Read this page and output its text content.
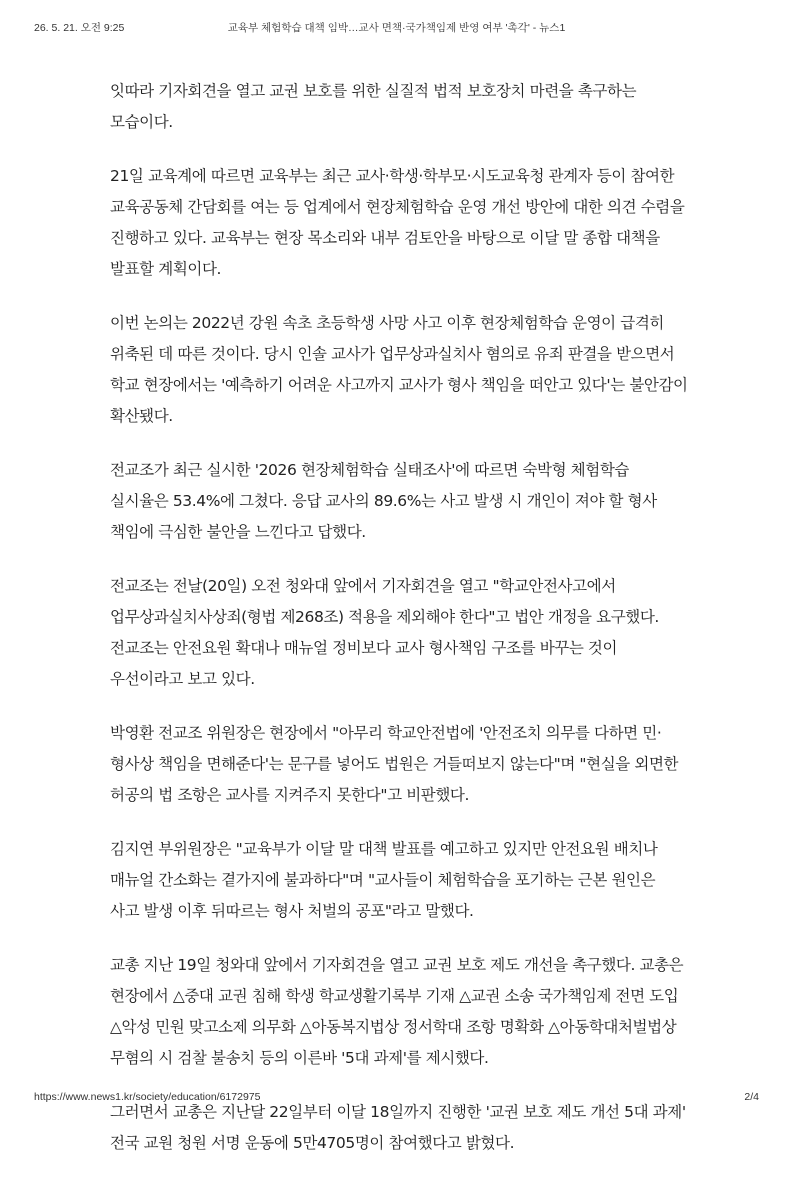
26. 5. 21. 오전 9:25	교육부 체험학습 대책 임박…교사 면책·국가책임제 반영 여부 '촉각' - 뉴스1

잇따라 기자회견을 열고 교권 보호를 위한 실질적 법적 보호장치 마련을 촉구하는 모습이다.

21일 교육계에 따르면 교육부는 최근 교사·학생·학부모·시도교육청 관계자 등이 참여한 교육공동체 간담회를 여는 등 업계에서 현장체험학습 운영 개선 방안에 대한 의견 수렴을 진행하고 있다. 교육부는 현장 목소리와 내부 검토안을 바탕으로 이달 말 종합 대책을 발표할 계획이다.

이번 논의는 2022년 강원 속초 초등학생 사망 사고 이후 현장체험학습 운영이 급격히 위축된 데 따른 것이다. 당시 인솔 교사가 업무상과실치사 혐의로 유죄 판결을 받으면서 학교 현장에서는 '예측하기 어려운 사고까지 교사가 형사 책임을 떠안고 있다'는 불안감이 확산됐다.

전교조가 최근 실시한 '2026 현장체험학습 실태조사'에 따르면 숙박형 체험학습 실시율은 53.4%에 그쳤다. 응답 교사의 89.6%는 사고 발생 시 개인이 져야 할 형사 책임에 극심한 불안을 느낀다고 답했다.

전교조는 전날(20일) 오전 청와대 앞에서 기자회견을 열고 "학교안전사고에서 업무상과실치사상죄(형법 제268조) 적용을 제외해야 한다"고 법안 개정을 요구했다. 전교조는 안전요원 확대나 매뉴얼 정비보다 교사 형사책임 구조를 바꾸는 것이 우선이라고 보고 있다.

박영환 전교조 위원장은 현장에서 "아무리 학교안전법에 '안전조치 의무를 다하면 민·형사상 책임을 면해준다'는 문구를 넣어도 법원은 거들떠보지 않는다"며 "현실을 외면한 허공의 법 조항은 교사를 지켜주지 못한다"고 비판했다.

김지연 부위원장은 "교육부가 이달 말 대책 발표를 예고하고 있지만 안전요원 배치나 매뉴얼 간소화는 곁가지에 불과하다"며 "교사들이 체험학습을 포기하는 근본 원인은 사고 발생 이후 뒤따르는 형사 처벌의 공포"라고 말했다.

교총 지난 19일 청와대 앞에서 기자회견을 열고 교권 보호 제도 개선을 촉구했다. 교총은 현장에서 △중대 교권 침해 학생 학교생활기록부 기재 △교권 소송 국가책임제 전면 도입 △악성 민원 맞고소제 의무화 △아동복지법상 정서학대 조항 명확화 △아동학대처벌법상 무혐의 시 검찰 불송치 등의 이른바 '5대 과제'를 제시했다.

그러면서 교총은 지난달 22일부터 이달 18일까지 진행한 '교권 보호 제도 개선 5대 과제' 전국 교원 청원 서명 운동에 5만4705명이 참여했다고 밝혔다.

https://www.news1.kr/society/education/6172975	2/4
